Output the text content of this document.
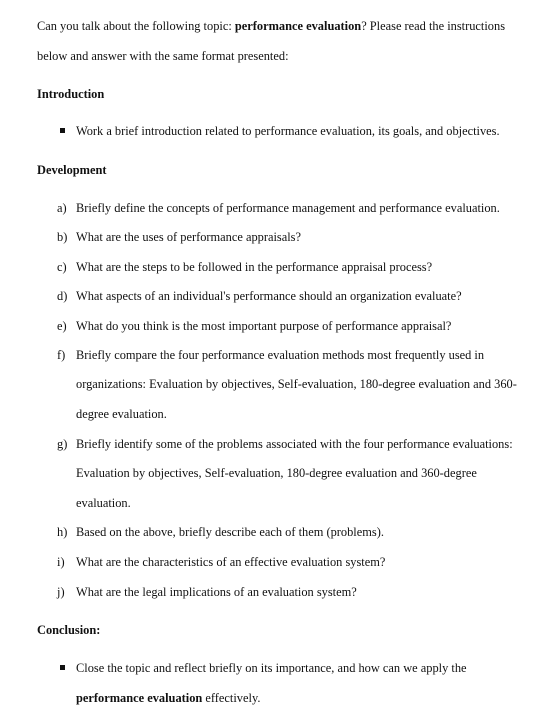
Can you talk about the following topic: performance evaluation? Please read the instructions
below and answer with the same format presented:
Introduction
Work a brief introduction related to performance evaluation, its goals, and objectives.
Development
a) Briefly define the concepts of performance management and performance evaluation.
b) What are the uses of performance appraisals?
c) What are the steps to be followed in the performance appraisal process?
d) What aspects of an individual's performance should an organization evaluate?
e) What do you think is the most important purpose of performance appraisal?
f) Briefly compare the four performance evaluation methods most frequently used in
organizations: Evaluation by objectives, Self-evaluation, 180-degree evaluation and 360-
degree evaluation.
g) Briefly identify some of the problems associated with the four performance evaluations:
Evaluation by objectives, Self-evaluation, 180-degree evaluation and 360-degree
evaluation.
h) Based on the above, briefly describe each of them (problems).
i) What are the characteristics of an effective evaluation system?
j) What are the legal implications of an evaluation system?
Conclusion:
Close the topic and reflect briefly on its importance, and how can we apply the
performance evaluation effectively.
